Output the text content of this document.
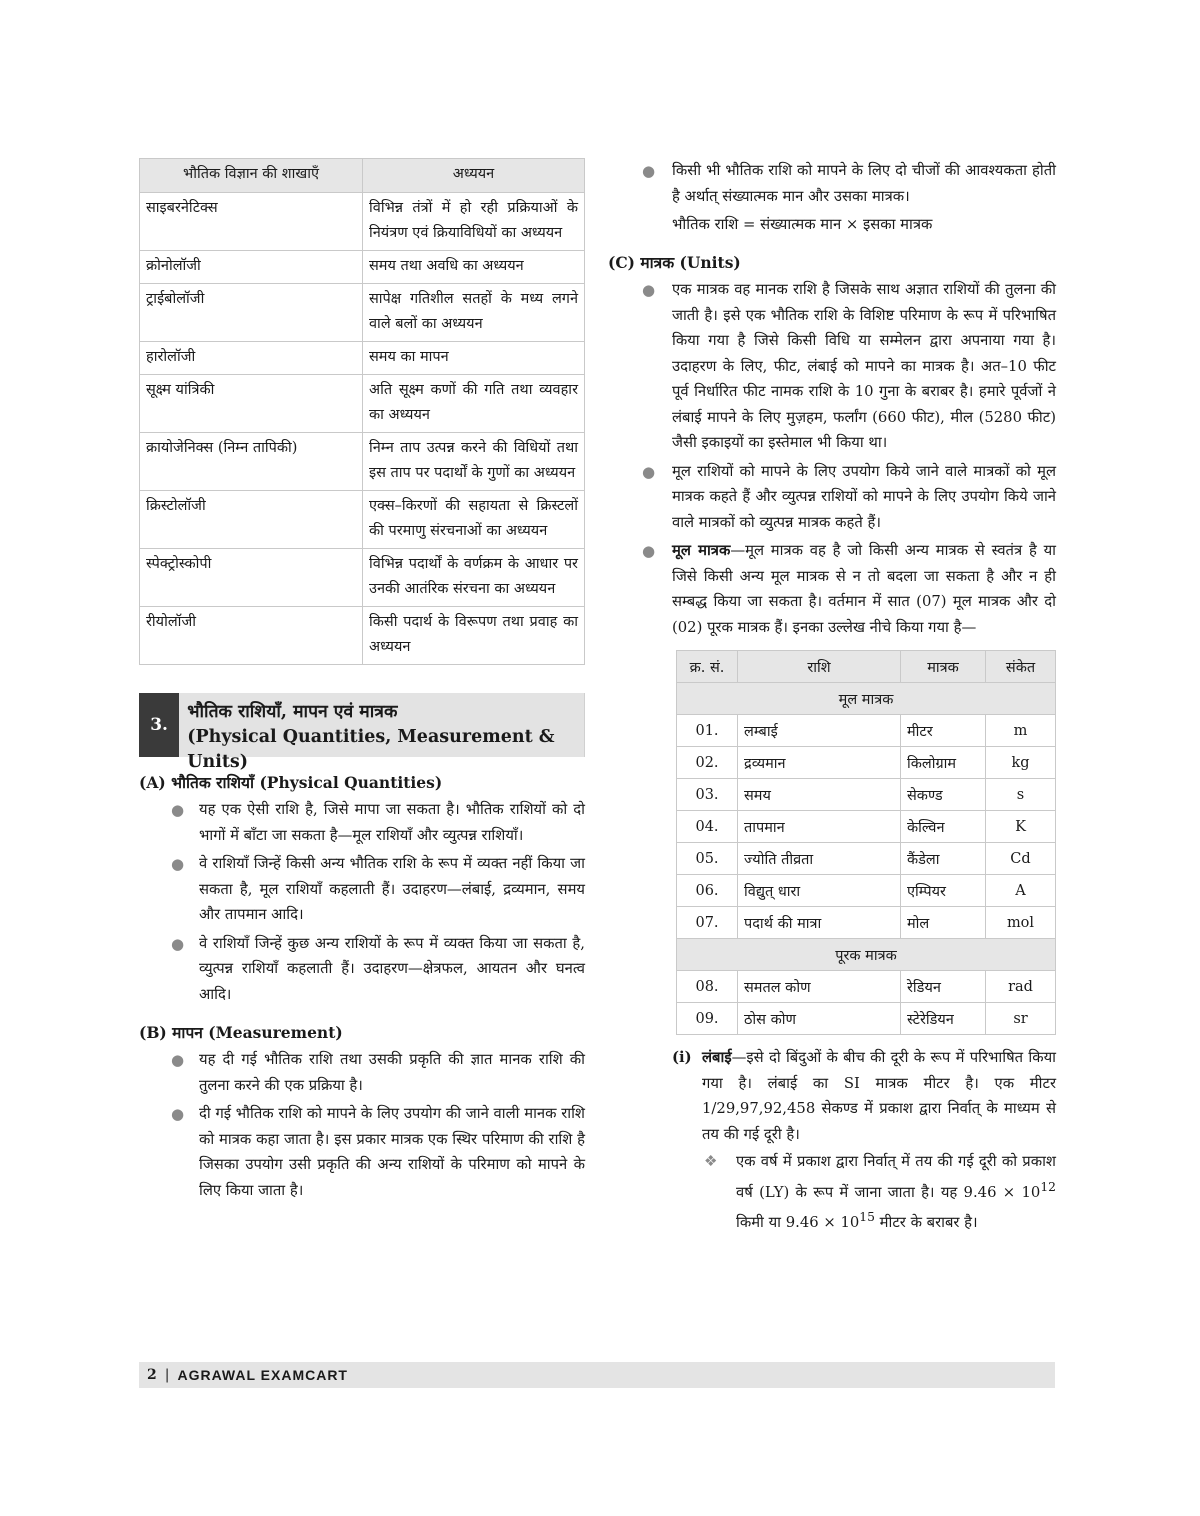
भौतिक विज्ञान की शाखाएँ	अध्ययन
साइबरनेटिक्स	विभिन्न तंत्रों में हो रही प्रक्रियाओं के नियंत्रण एवं क्रियाविधियों का अध्ययन
क्रोनोलॉजी	समय तथा अवधि का अध्ययन
ट्राईबोलॉजी	सापेक्ष गतिशील सतहों के मध्य लगने वाले बलों का अध्ययन
हारोलॉजी	समय का मापन
सूक्ष्म यांत्रिकी	अति सूक्ष्म कणों की गति तथा व्यवहार का अध्ययन
क्रायोजेनिक्स (निम्न तापिकी)	निम्न ताप उत्पन्न करने की विधियों तथा इस ताप पर पदार्थों के गुणों का अध्ययन
क्रिस्टोलॉजी	एक्स–किरणों की सहायता से क्रिस्टलों की परमाणु संरचनाओं का अध्ययन
स्पेक्ट्रोस्कोपी	विभिन्न पदार्थों के वर्णक्रम के आधार पर उनकी आतंरिक संरचना का अध्ययन
रीयोलॉजी	किसी पदार्थ के विरूपण तथा प्रवाह का अध्ययन
3.
भौतिक राशियाँ, मापन एवं मात्रक
(Physical Quantities, Measurement & Units)
(A) भौतिक राशियाँ (Physical Quantities)
● यह एक ऐसी राशि है, जिसे मापा जा सकता है। भौतिक राशियों को दो भागों में बाँटा जा सकता है—मूल राशियाँ और व्युत्पन्न राशियाँ।
● वे राशियाँ जिन्हें किसी अन्य भौतिक राशि के रूप में व्यक्त नहीं किया जा सकता है, मूल राशियाँ कहलाती हैं। उदाहरण—लंबाई, द्रव्यमान, समय और तापमान आदि।
● वे राशियाँ जिन्हें कुछ अन्य राशियों के रूप में व्यक्त किया जा सकता है, व्युत्पन्न राशियाँ कहलाती हैं। उदाहरण—क्षेत्रफल, आयतन और घनत्व आदि।
(B) मापन (Measurement)
● यह दी गई भौतिक राशि तथा उसकी प्रकृति की ज्ञात मानक राशि की तुलना करने की एक प्रक्रिया है।
● दी गई भौतिक राशि को मापने के लिए उपयोग की जाने वाली मानक राशि को मात्रक कहा जाता है। इस प्रकार मात्रक एक स्थिर परिमाण की राशि है जिसका उपयोग उसी प्रकृति की अन्य राशियों के परिमाण को मापने के लिए किया जाता है।
● किसी भी भौतिक राशि को मापने के लिए दो चीजों की आवश्यकता होती है अर्थात् संख्यात्मक मान और उसका मात्रक।
भौतिक राशि = संख्यात्मक मान × इसका मात्रक
(C) मात्रक (Units)
● एक मात्रक वह मानक राशि है जिसके साथ अज्ञात राशियों की तुलना की जाती है। इसे एक भौतिक राशि के विशिष्ट परिमाण के रूप में परिभाषित किया गया है जिसे किसी विधि या सम्मेलन द्वारा अपनाया गया है। उदाहरण के लिए, फीट, लंबाई को मापने का मात्रक है। अत–10 फीट पूर्व निर्धारित फीट नामक राशि के 10 गुना के बराबर है। हमारे पूर्वजों ने लंबाई मापने के लिए मुज़हम, फर्लांग (660 फीट), मील (5280 फीट) जैसी इकाइयों का इस्तेमाल भी किया था।
● मूल राशियों को मापने के लिए उपयोग किये जाने वाले मात्रकों को मूल मात्रक कहते हैं और व्युत्पन्न राशियों को मापने के लिए उपयोग किये जाने वाले मात्रकों को व्युत्पन्न मात्रक कहते हैं।
● मूल मात्रक—मूल मात्रक वह है जो किसी अन्य मात्रक से स्वतंत्र है या जिसे किसी अन्य मूल मात्रक से न तो बदला जा सकता है और न ही सम्बद्ध किया जा सकता है। वर्तमान में सात (07) मूल मात्रक और दो (02) पूरक मात्रक हैं। इनका उल्लेख नीचे किया गया है—
क्र. सं.	राशि	मात्रक	संकेत
मूल मात्रक			
01.	लम्बाई	मीटर	m
02.	द्रव्यमान	किलोग्राम	kg
03.	समय	सेकण्ड	s
04.	तापमान	केल्विन	K
05.	ज्योति तीव्रता	कैंडेला	Cd
06.	विद्युत् धारा	एम्पियर	A
07.	पदार्थ की मात्रा	मोल	mol
पूरक मात्रक			
08.	समतल कोण	रेडियन	rad
09.	ठोस कोण	स्टेरेडियन	sr
(i) लंबाई—इसे दो बिंदुओं के बीच की दूरी के रूप में परिभाषित किया गया है। लंबाई का SI मात्रक मीटर है। एक मीटर 1/29,97,92,458 सेकण्ड में प्रकाश द्वारा निर्वात् के माध्यम से तय की गई दूरी है।
❖ एक वर्ष में प्रकाश द्वारा निर्वात् में तय की गई दूरी को प्रकाश वर्ष (LY) के रूप में जाना जाता है। यह $9.46 \times 10^{12}$ किमी या $9.46 \times 10^{15}$ मीटर के बराबर है।
2 | AGRAWAL EXAMCART
